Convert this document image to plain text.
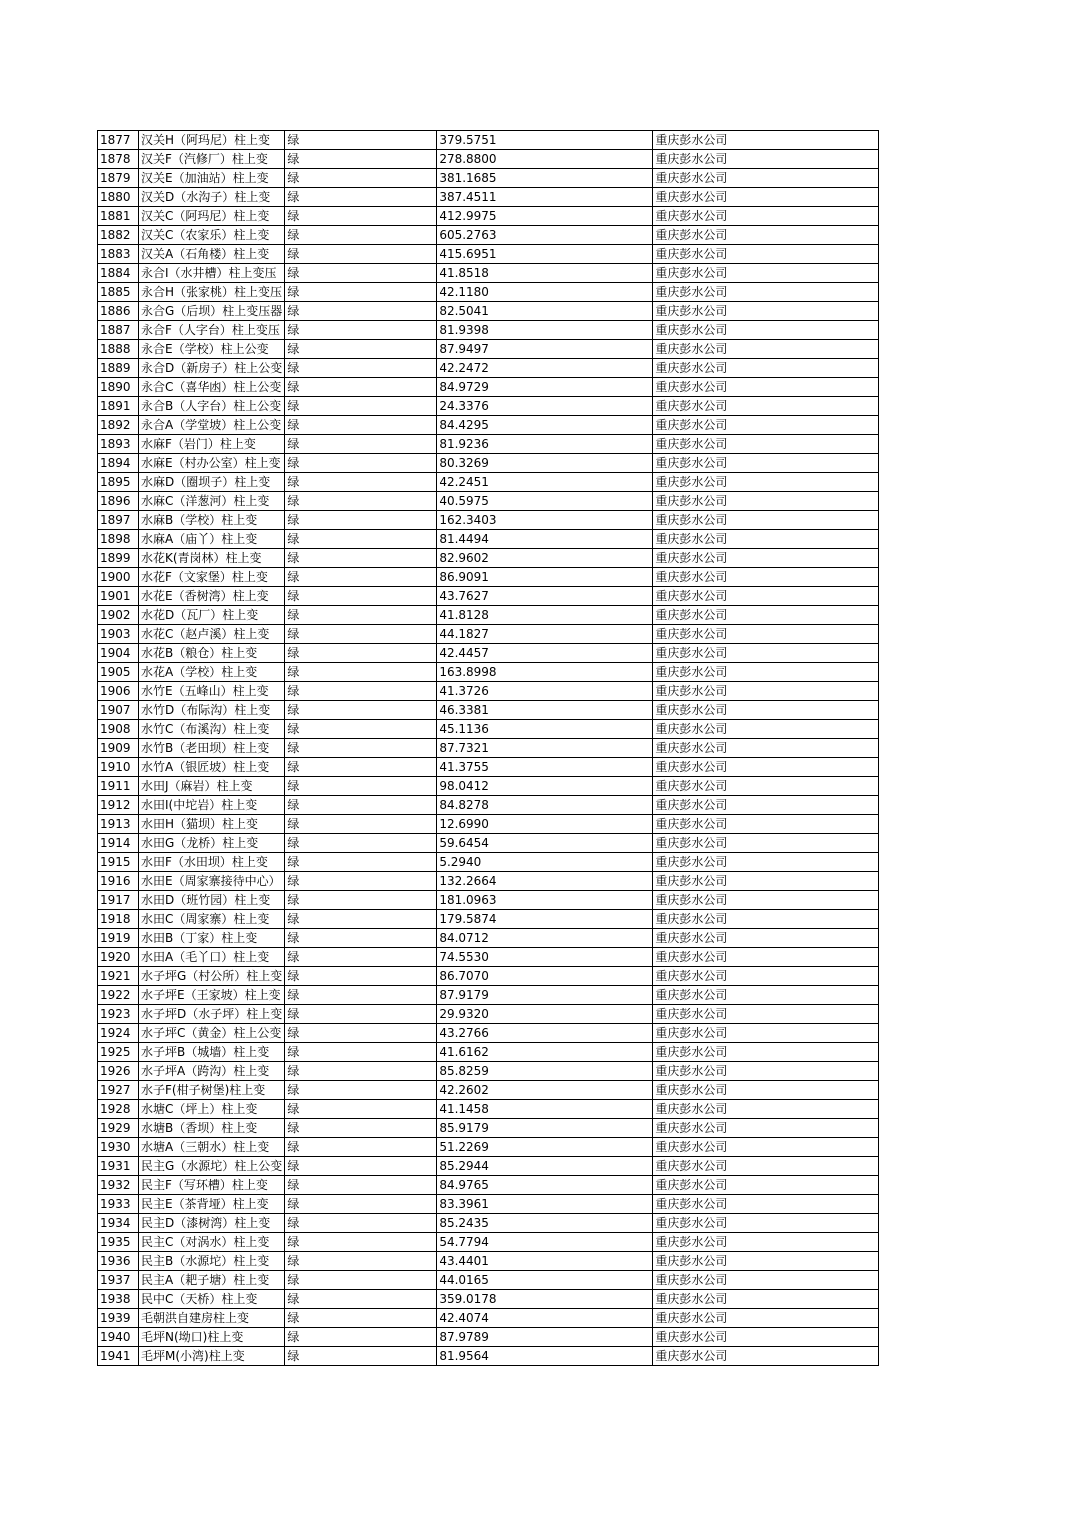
1877	汉关H（阿玛尼）柱上变	绿	379.5751	重庆彭水公司
1878	汉关F（汽修厂）柱上变	绿	278.8800	重庆彭水公司
1879	汉关E（加油站）柱上变	绿	381.1685	重庆彭水公司
1880	汉关D（水沟子）柱上变	绿	387.4511	重庆彭水公司
1881	汉关C（阿玛尼）柱上变	绿	412.9975	重庆彭水公司
1882	汉关C（农家乐）柱上变	绿	605.2763	重庆彭水公司
1883	汉关A（石角楼）柱上变	绿	415.6951	重庆彭水公司
1884	永合I（水井槽）柱上变压	绿	41.8518	重庆彭水公司
1885	永合H（张家桃）柱上变压	绿	42.1180	重庆彭水公司
1886	永合G（后坝）柱上变压器	绿	82.5041	重庆彭水公司
1887	永合F（人字台）柱上变压	绿	81.9398	重庆彭水公司
1888	永合E（学校）柱上公变	绿	87.9497	重庆彭水公司
1889	永合D（新房子）柱上公变	绿	42.2472	重庆彭水公司
1890	永合C（喜华凼）柱上公变	绿	84.9729	重庆彭水公司
1891	永合B（人字台）柱上公变	绿	24.3376	重庆彭水公司
1892	永合A（学堂坡）柱上公变	绿	84.4295	重庆彭水公司
1893	水麻F（岩门）柱上变	绿	81.9236	重庆彭水公司
1894	水麻E（村办公室）柱上变	绿	80.3269	重庆彭水公司
1895	水麻D（圈坝子）柱上变	绿	42.2451	重庆彭水公司
1896	水麻C（洋葱河）柱上变	绿	40.5975	重庆彭水公司
1897	水麻B（学校）柱上变	绿	162.3403	重庆彭水公司
1898	水麻A（庙丫）柱上变	绿	81.4494	重庆彭水公司
1899	水花K(青岗林）柱上变	绿	82.9602	重庆彭水公司
1900	水花F（文家堡）柱上变	绿	86.9091	重庆彭水公司
1901	水花E（香树湾）柱上变	绿	43.7627	重庆彭水公司
1902	水花D（瓦厂）柱上变	绿	41.8128	重庆彭水公司
1903	水花C（赵卢溪）柱上变	绿	44.1827	重庆彭水公司
1904	水花B（粮仓）柱上变	绿	42.4457	重庆彭水公司
1905	水花A（学校）柱上变	绿	163.8998	重庆彭水公司
1906	水竹E（五峰山）柱上变	绿	41.3726	重庆彭水公司
1907	水竹D（布际沟）柱上变	绿	46.3381	重庆彭水公司
1908	水竹C（布溪沟）柱上变	绿	45.1136	重庆彭水公司
1909	水竹B（老田坝）柱上变	绿	87.7321	重庆彭水公司
1910	水竹A（银匠坡）柱上变	绿	41.3755	重庆彭水公司
1911	水田J（麻岩）柱上变	绿	98.0412	重庆彭水公司
1912	水田I(中坨岩）柱上变	绿	84.8278	重庆彭水公司
1913	水田H（猫坝）柱上变	绿	12.6990	重庆彭水公司
1914	水田G（龙桥）柱上变	绿	59.6454	重庆彭水公司
1915	水田F（水田坝）柱上变	绿	5.2940	重庆彭水公司
1916	水田E（周家寨接待中心）	绿	132.2664	重庆彭水公司
1917	水田D（班竹园）柱上变	绿	181.0963	重庆彭水公司
1918	水田C（周家寨）柱上变	绿	179.5874	重庆彭水公司
1919	水田B（丁家）柱上变	绿	84.0712	重庆彭水公司
1920	水田A（毛丫口）柱上变	绿	74.5530	重庆彭水公司
1921	水子坪G（村公所）柱上变	绿	86.7070	重庆彭水公司
1922	水子坪E（王家坡）柱上变	绿	87.9179	重庆彭水公司
1923	水子坪D（水子坪）柱上变	绿	29.9320	重庆彭水公司
1924	水子坪C（黄金）柱上公变	绿	43.2766	重庆彭水公司
1925	水子坪B（城墙）柱上变	绿	41.6162	重庆彭水公司
1926	水子坪A（跨沟）柱上变	绿	85.8259	重庆彭水公司
1927	水子F(柑子树堡)柱上变	绿	42.2602	重庆彭水公司
1928	水塘C（坪上）柱上变	绿	41.1458	重庆彭水公司
1929	水塘B（香坝）柱上变	绿	85.9179	重庆彭水公司
1930	水塘A（三朝水）柱上变	绿	51.2269	重庆彭水公司
1931	民主G（水源坨）柱上公变	绿	85.2944	重庆彭水公司
1932	民主F（写环槽）柱上变	绿	84.9765	重庆彭水公司
1933	民主E（茶背垭）柱上变	绿	83.3961	重庆彭水公司
1934	民主D（漆树湾）柱上变	绿	85.2435	重庆彭水公司
1935	民主C（对涡水）柱上变	绿	54.7794	重庆彭水公司
1936	民主B（水源坨）柱上变	绿	43.4401	重庆彭水公司
1937	民主A（耙子塘）柱上变	绿	44.0165	重庆彭水公司
1938	民中C（天桥）柱上变	绿	359.0178	重庆彭水公司
1939	毛朝洪自建房柱上变	绿	42.4074	重庆彭水公司
1940	毛坪N(坳口)柱上变	绿	87.9789	重庆彭水公司
1941	毛坪M(小湾)柱上变	绿	81.9564	重庆彭水公司
